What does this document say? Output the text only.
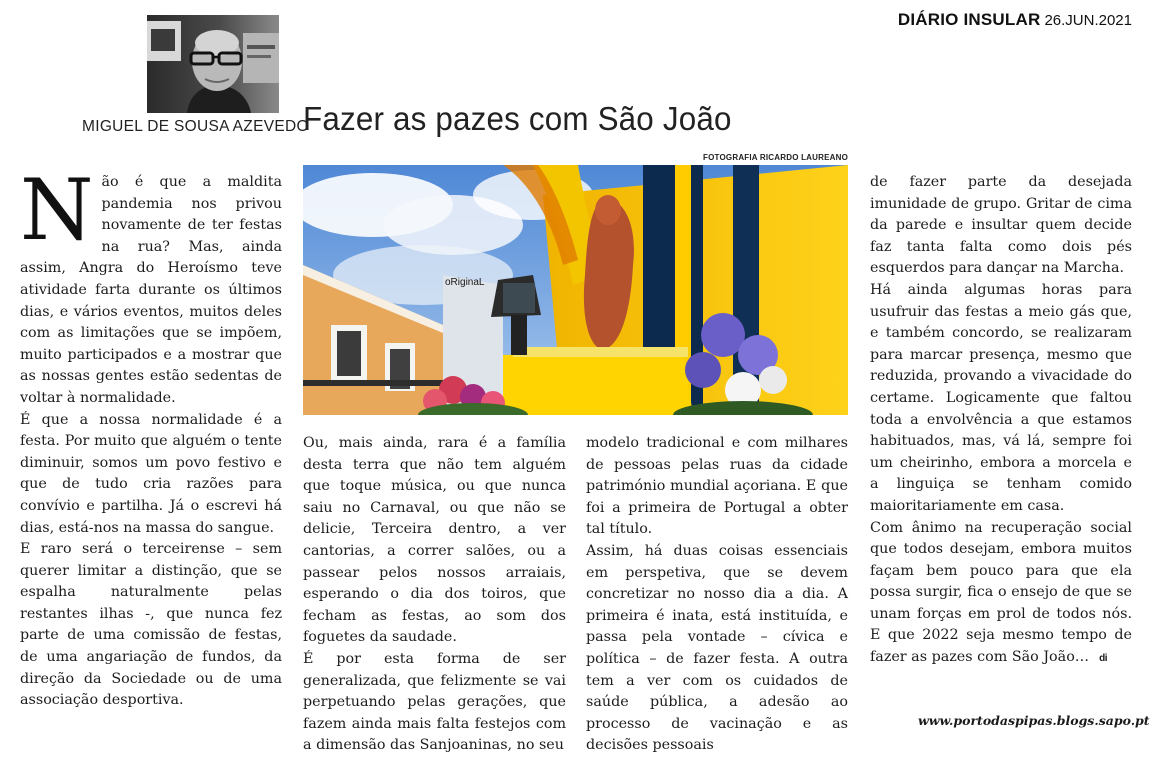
DIÁRIO INSULAR 26.JUN.2021
MIGUEL DE SOUSA AZEVEDO
Fazer as pazes com São João
FOTOGRAFIA RICARDO LAUREANO
oRiginaL

Não é que a maldita pandemia nos privou novamente de ter festas na rua? Mas, ainda assim, Angra do Heroísmo teve atividade farta durante os últimos dias, e vários eventos, muitos deles com as limitações que se impõem, muito participados e a mostrar que as nossas gentes estão sedentas de voltar à normalidade.

É que a nossa normalidade é a festa. Por muito que alguém o tente diminuir, somos um povo festivo e que de tudo cria razões para convívio e partilha. Já o escrevi há dias, está-nos na massa do sangue.

E raro será o terceirense – sem querer limitar a distinção, que se espalha naturalmente pelas restantes ilhas -, que nunca fez parte de uma comissão de festas, de uma angariação de fundos, da direção da Sociedade ou de uma associação desportiva.

Ou, mais ainda, rara é a família desta terra que não tem alguém que toque música, ou que nunca saiu no Carnaval, ou que não se delicie, Terceira dentro, a ver cantorias, a correr salões, ou a passear pelos nossos arraiais, esperando o dia dos toiros, que fecham as festas, ao som dos foguetes da saudade.

É por esta forma de ser generalizada, que felizmente se vai perpetuando pelas gerações, que fazem ainda mais falta festejos com a dimensão das Sanjoaninas, no seu

modelo tradicional e com milhares de pessoas pelas ruas da cidade património mundial açoriana. E que foi a primeira de Portugal a obter tal título.

Assim, há duas coisas essenciais em perspetiva, que se devem concretizar no nosso dia a dia. A primeira é inata, está instituída, e passa pela vontade – cívica e política – de fazer festa. A outra tem a ver com os cuidados de saúde pública, a adesão ao processo de vacinação e as decisões pessoais

de fazer parte da desejada imunidade de grupo. Gritar de cima da parede e insultar quem decide faz tanta falta como dois pés esquerdos para dançar na Marcha.

Há ainda algumas horas para usufruir das festas a meio gás que, e também concordo, se realizaram para marcar presença, mesmo que reduzida, provando a vivacidade do certame. Logicamente que faltou toda a envolvência a que estamos habituados, mas, vá lá, sempre foi um cheirinho, embora a morcela e a linguiça se tenham comido maioritariamente em casa.

Com ânimo na recuperação social que todos desejam, embora muitos façam bem pouco para que ela possa surgir, fica o ensejo de que se unam forças em prol de todos nós. E que 2022 seja mesmo tempo de fazer as pazes com São João… di

www.portodaspipas.blogs.sapo.pt
